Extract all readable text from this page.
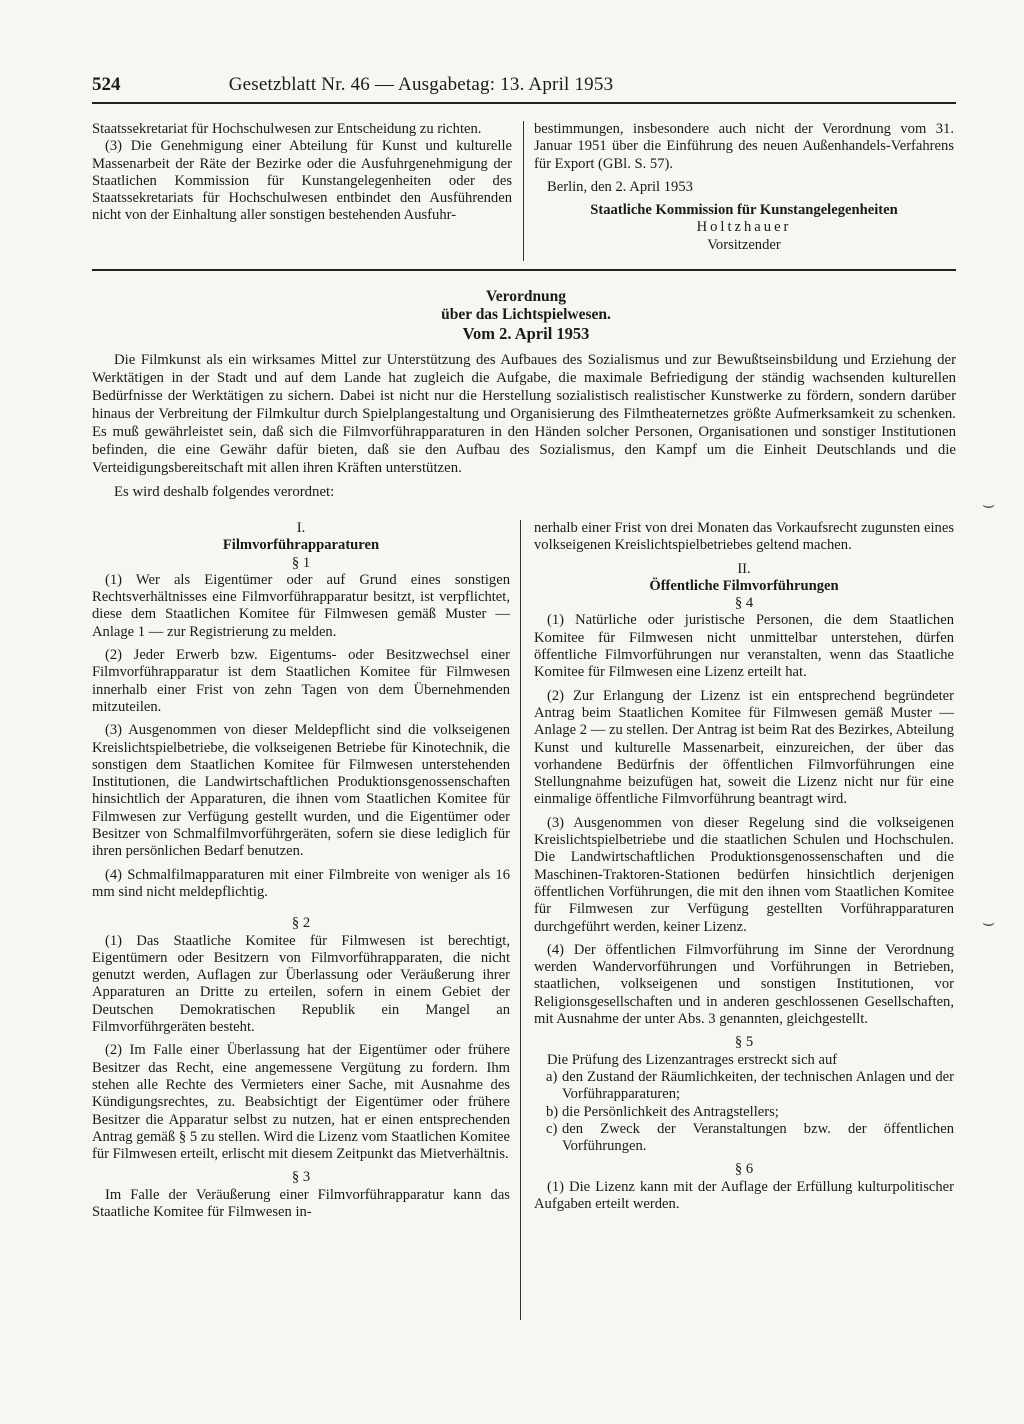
524	Gesetzblatt Nr. 46 — Ausgabetag: 13. April 1953

Staatssekretariat für Hochschulwesen zur Entscheidung zu richten.

(3) Die Genehmigung einer Abteilung für Kunst und kulturelle Massenarbeit der Räte der Bezirke oder die Ausfuhrgenehmigung der Staatlichen Kommission für Kunstangelegenheiten oder des Staatssekretariats für Hochschulwesen entbindet den Ausführenden nicht von der Einhaltung aller sonstigen bestehenden Ausfuhr-

bestimmungen, insbesondere auch nicht der Verordnung vom 31. Januar 1951 über die Einführung des neuen Außenhandels-Verfahrens für Export (GBl. S. 57).

Berlin, den 2. April 1953

Staatliche Kommission für Kunstangelegenheiten
Holtzhauer
Vorsitzender
Verordnung
über das Lichtspielwesen.
Vom 2. April 1953

Die Filmkunst als ein wirksames Mittel zur Unterstützung des Aufbaues des Sozialismus und zur Bewußtseinsbildung und Erziehung der Werktätigen in der Stadt und auf dem Lande hat zugleich die Aufgabe, die maximale Befriedigung der ständig wachsenden kulturellen Bedürfnisse der Werktätigen zu sichern. Dabei ist nicht nur die Herstellung sozialistisch realistischer Kunstwerke zu fördern, sondern darüber hinaus der Verbreitung der Filmkultur durch Spielplangestaltung und Organisierung des Filmtheaternetzes größte Aufmerksamkeit zu schenken. Es muß gewährleistet sein, daß sich die Filmvorführapparaturen in den Händen solcher Personen, Organisationen und sonstiger Institutionen befinden, die eine Gewähr dafür bieten, daß sie den Aufbau des Sozialismus, den Kampf um die Einheit Deutschlands und die Verteidigungsbereitschaft mit allen ihren Kräften unterstützen.

Es wird deshalb folgendes verordnet:

I.
Filmvorführapparaturen
§ 1

(1) Wer als Eigentümer oder auf Grund eines sonstigen Rechtsverhältnisses eine Filmvorführapparatur besitzt, ist verpflichtet, diese dem Staatlichen Komitee für Filmwesen gemäß Muster — Anlage 1 — zur Registrierung zu melden.

(2) Jeder Erwerb bzw. Eigentums- oder Besitzwechsel einer Filmvorführapparatur ist dem Staatlichen Komitee für Filmwesen innerhalb einer Frist von zehn Tagen von dem Übernehmenden mitzuteilen.

(3) Ausgenommen von dieser Meldepflicht sind die volkseigenen Kreislichtspielbetriebe, die volkseigenen Betriebe für Kinotechnik, die sonstigen dem Staatlichen Komitee für Filmwesen unterstehenden Institutionen, die Landwirtschaftlichen Produktionsgenossenschaften hinsichtlich der Apparaturen, die ihnen vom Staatlichen Komitee für Filmwesen zur Verfügung gestellt wurden, und die Eigentümer oder Besitzer von Schmalfilmvorführgeräten, sofern sie diese lediglich für ihren persönlichen Bedarf benutzen.

(4) Schmalfilmapparaturen mit einer Filmbreite von weniger als 16 mm sind nicht meldepflichtig.

§ 2

(1) Das Staatliche Komitee für Filmwesen ist berechtigt, Eigentümern oder Besitzern von Filmvorführapparaten, die nicht genutzt werden, Auflagen zur Überlassung oder Veräußerung ihrer Apparaturen an Dritte zu erteilen, sofern in einem Gebiet der Deutschen Demokratischen Republik ein Mangel an Filmvorführgeräten besteht.

(2) Im Falle einer Überlassung hat der Eigentümer oder frühere Besitzer das Recht, eine angemessene Vergütung zu fordern. Ihm stehen alle Rechte des Vermieters einer Sache, mit Ausnahme des Kündigungsrechtes, zu. Beabsichtigt der Eigentümer oder frühere Besitzer die Apparatur selbst zu nutzen, hat er einen entsprechenden Antrag gemäß § 5 zu stellen. Wird die Lizenz vom Staatlichen Komitee für Filmwesen erteilt, erlischt mit diesem Zeitpunkt das Mietverhältnis.

§ 3

Im Falle der Veräußerung einer Filmvorführapparatur kann das Staatliche Komitee für Filmwesen in-

nerhalb einer Frist von drei Monaten das Vorkaufsrecht zugunsten eines volkseigenen Kreislichtspielbetriebes geltend machen.

II.
Öffentliche Filmvorführungen
§ 4

(1) Natürliche oder juristische Personen, die dem Staatlichen Komitee für Filmwesen nicht unmittelbar unterstehen, dürfen öffentliche Filmvorführungen nur veranstalten, wenn das Staatliche Komitee für Filmwesen eine Lizenz erteilt hat.

(2) Zur Erlangung der Lizenz ist ein entsprechend begründeter Antrag beim Staatlichen Komitee für Filmwesen gemäß Muster — Anlage 2 — zu stellen. Der Antrag ist beim Rat des Bezirkes, Abteilung Kunst und kulturelle Massenarbeit, einzureichen, der über das vorhandene Bedürfnis der öffentlichen Filmvorführungen eine Stellungnahme beizufügen hat, soweit die Lizenz nicht nur für eine einmalige öffentliche Filmvorführung beantragt wird.

(3) Ausgenommen von dieser Regelung sind die volkseigenen Kreislichtspielbetriebe und die staatlichen Schulen und Hochschulen. Die Landwirtschaftlichen Produktionsgenossenschaften und die Maschinen-Traktoren-Stationen bedürfen hinsichtlich derjenigen öffentlichen Vorführungen, die mit den ihnen vom Staatlichen Komitee für Filmwesen zur Verfügung gestellten Vorführapparaturen durchgeführt werden, keiner Lizenz.

(4) Der öffentlichen Filmvorführung im Sinne der Verordnung werden Wandervorführungen und Vorführungen in Betrieben, staatlichen, volkseigenen und sonstigen Institutionen, vor Religionsgesellschaften und in anderen geschlossenen Gesellschaften, mit Ausnahme der unter Abs. 3 genannten, gleichgestellt.

§ 5

Die Prüfung des Lizenzantrages erstreckt sich auf

a) den Zustand der Räumlichkeiten, der technischen Anlagen und der Vorführapparaturen;
b) die Persönlichkeit des Antragstellers;
c) den Zweck der Veranstaltungen bzw. der öffentlichen Vorführungen.
§ 6

(1) Die Lizenz kann mit der Auflage der Erfüllung kulturpolitischer Aufgaben erteilt werden.

⌣
⌣
